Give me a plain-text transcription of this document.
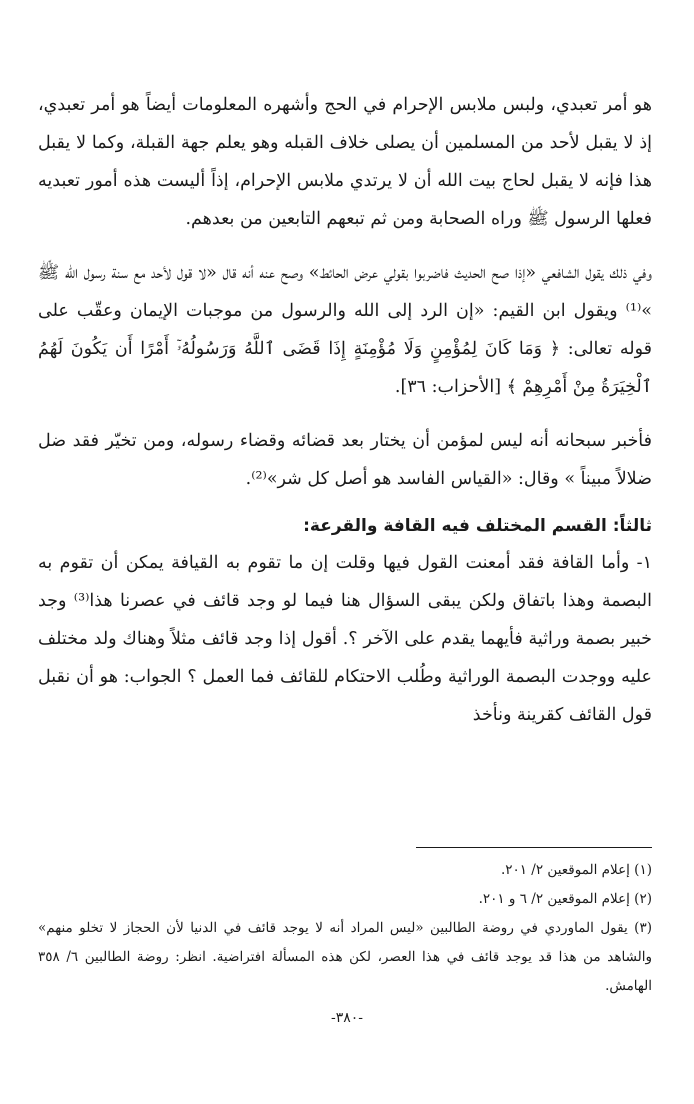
هو أمر تعبدي، ولبس ملابس الإحرام في الحج وأشهره المعلومات أيضاً هو أمر تعبدي، إذ لا يقبل لأحد من المسلمين أن يصلى خلاف القبله وهو يعلم جهة القبلة، وكما لا يقبل هذا فإنه لا يقبل لحاج بيت الله أن لا يرتدي ملابس الإحرام، إذاً أليست هذه أمور تعبديه فعلها الرسول ﷺ وراه الصحابة ومن ثم تبعهم التابعين من بعدهم.

وفي ذلك يقول الشافعي «إذا صح الحديث فاضربوا بقولي عرض الحائط» وصح عنه أنه قال «لا قول لأحد مع سنة رسول الله ﷺ »⁽¹⁾ ويقول ابن القيم: «إن الرد إلى الله والرسول من موجبات الإيمان وعقّب على قوله تعالى: ﴿ وَمَا كَانَ لِمُؤْمِنٍ وَلَا مُؤْمِنَةٍ إِذَا قَضَى ٱللَّهُ وَرَسُولُهُۥٓ أَمْرًا أَن يَكُونَ لَهُمُ ٱلْخِيَرَةُ مِنْ أَمْرِهِمْ ﴾ [الأحزاب: ٣٦].

فأخبر سبحانه أنه ليس لمؤمن أن يختار بعد قضائه وقضاء رسوله، ومن تخيّر فقد ضل ضلالاً مبيناً » وقال: «القياس الفاسد هو أصل كل شر»⁽²⁾.

ثالثاً: القسم المختلف فيه القافة والقرعة:

١- وأما القافة فقد أمعنت القول فيها وقلت إن ما تقوم به القيافة يمكن أن تقوم به البصمة وهذا باتفاق ولكن يبقى السؤال هنا فيما لو وجد قائف في عصرنا هذا⁽³⁾ وجد خبير بصمة وراثية فأيهما يقدم على الآخر ؟. أقول إذا وجد قائف مثلاً وهناك ولد مختلف عليه ووجدت البصمة الوراثية وطُلب الاحتكام للقائف فما العمل ؟ الجواب: هو أن نقبل قول القائف كقرينة ونأخذ

(١) إعلام الموقعين ٢/ ٢٠١.

(٢) إعلام الموقعين ٢/ ٦ و ٢٠١.

(٣) يقول الماوردي في روضة الطالبين «ليس المراد أنه لا يوجد قائف في الدنيا لأن الحجاز لا تخلو منهم» والشاهد من هذا قد يوجد قائف في هذا العصر، لكن هذه المسألة افتراضية. انظر: روضة الطالبين ٦/ ٣٥٨ الهامش.

-٣٨٠-
